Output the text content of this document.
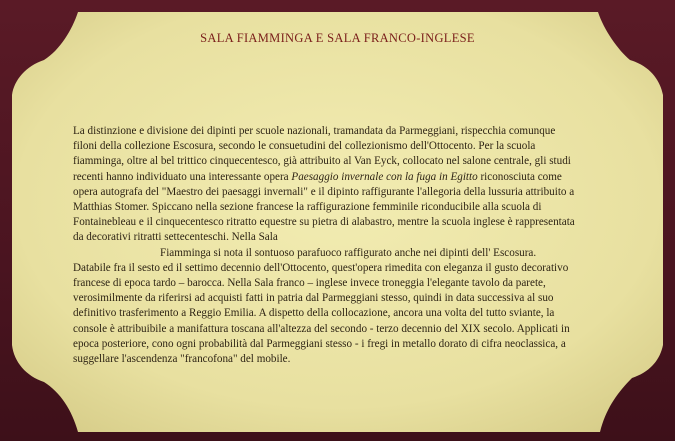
SALA FIAMMINGA E SALA FRANCO-INGLESE

La distinzione e divisione dei dipinti per scuole nazionali, tramandata da Parmeggiani, rispecchia comunque filoni della collezione Escosura, secondo le consuetudini del collezionismo dell'Ottocento. Per la scuola fiamminga, oltre al bel trittico cinquecentesco, già attribuito al Van Eyck, collocato nel salone centrale, gli studi recenti hanno individuato una interessante opera Paesaggio invernale con la fuga in Egitto riconosciuta come opera autografa del "Maestro dei paesaggi invernali" e il dipinto raffigurante l'allegoria della lussuria attribuito a Matthias Stomer. Spiccano nella sezione francese la raffigurazione femminile riconducibile alla scuola di Fontainebleau e il cinquecentesco ritratto equestre su pietra di alabastro, mentre la scuola inglese è rappresentata da decorativi ritratti settecenteschi. Nella Sala

Fiamminga si nota il sontuoso parafuoco raffigurato anche nei dipinti dell' Escosura.

Databile fra il sesto ed il settimo decennio dell'Ottocento, quest'opera rimedita con eleganza il gusto decorativo francese di epoca tardo – barocca. Nella Sala franco – inglese invece troneggia l'elegante tavolo da parete, verosimilmente da riferirsi ad acquisti fatti in patria dal Parmeggiani stesso, quindi in data successiva al suo definitivo trasferimento a Reggio Emilia. A dispetto della collocazione, ancora una volta del tutto sviante, la console è attribuibile a manifattura toscana all'altezza del secondo - terzo decennio del XIX secolo. Applicati in epoca posteriore, cono ogni probabilità dal Parmeggiani stesso - i fregi in metallo dorato di cifra neoclassica, a suggellare l'ascendenza "francofona" del mobile.
